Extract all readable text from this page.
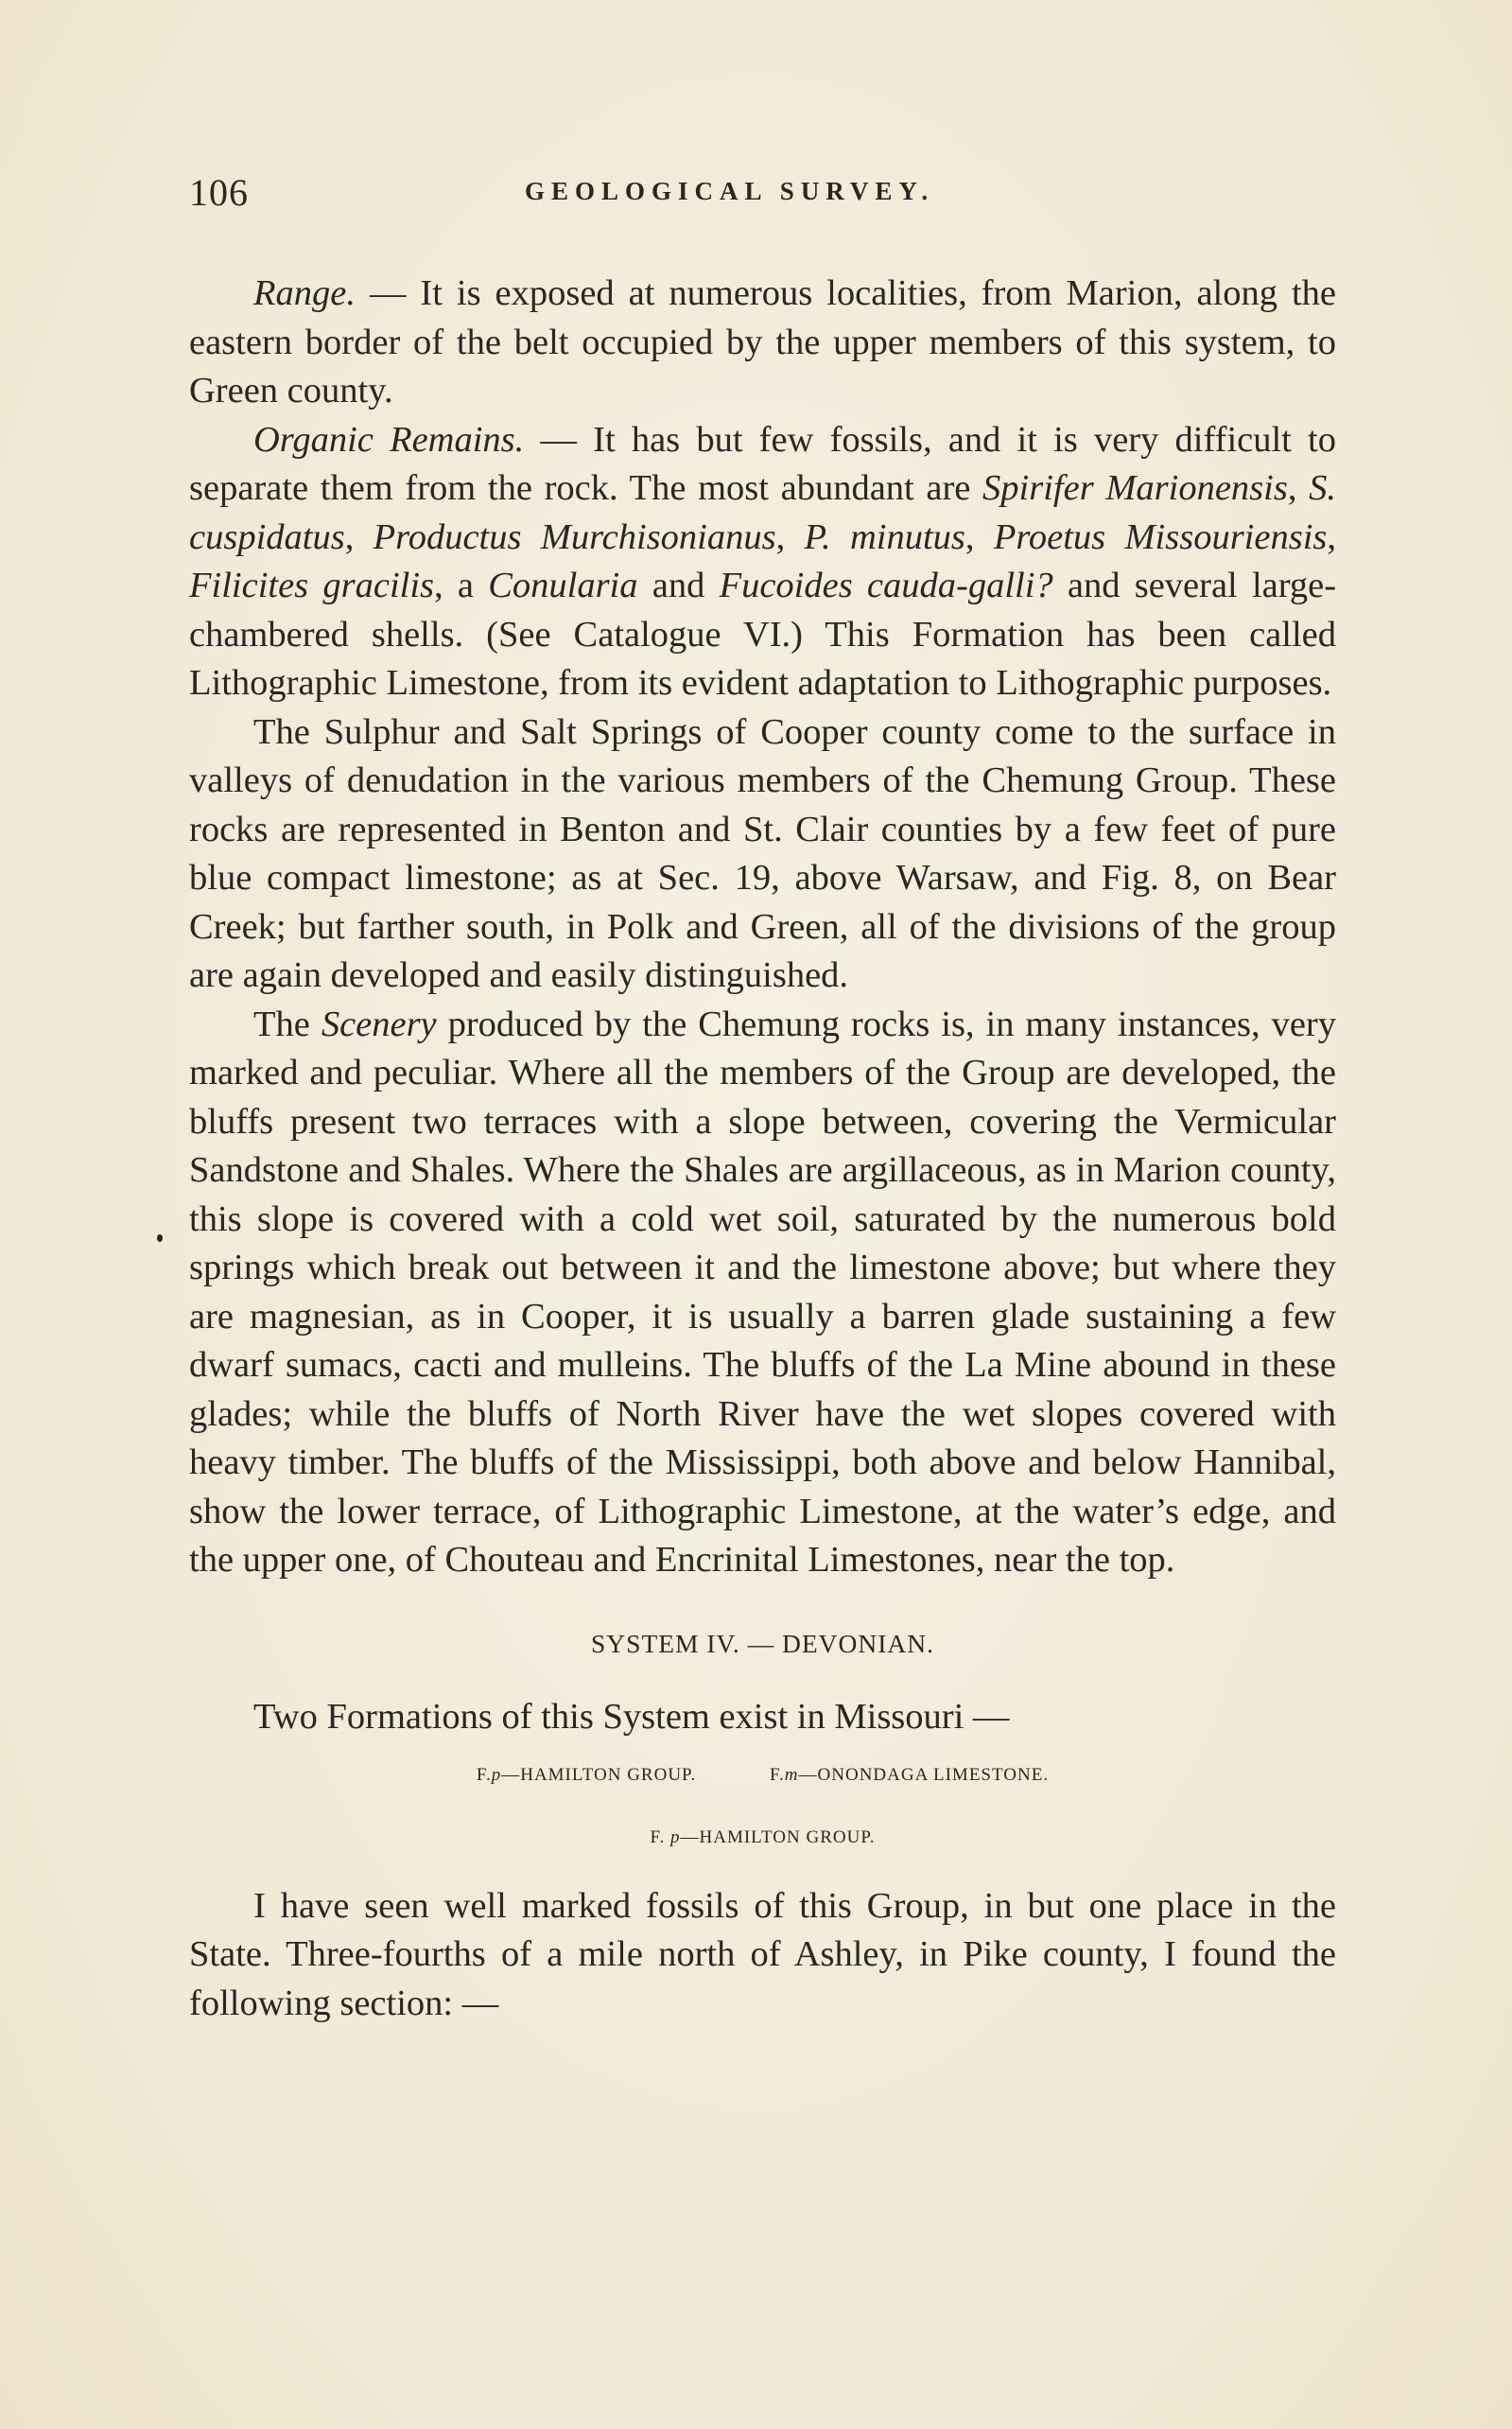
106	GEOLOGICAL SURVEY.

Range. — It is exposed at numerous localities, from Marion, along the eastern border of the belt occupied by the upper members of this system, to Green county.

Organic Remains. — It has but few fossils, and it is very difficult to separate them from the rock. The most abundant are Spirifer Marionensis, S. cuspidatus, Productus Murchisonianus, P. minutus, Proetus Missouriensis, Filicites gracilis, a Conularia and Fucoides cauda-galli? and several large-chambered shells. (See Catalogue VI.) This Formation has been called Lithographic Limestone, from its evident adaptation to Lithographic purposes.

The Sulphur and Salt Springs of Cooper county come to the surface in valleys of denudation in the various members of the Chemung Group. These rocks are represented in Benton and St. Clair counties by a few feet of pure blue compact limestone; as at Sec. 19, above Warsaw, and Fig. 8, on Bear Creek; but farther south, in Polk and Green, all of the divisions of the group are again developed and easily distinguished.

The Scenery produced by the Chemung rocks is, in many instances, very marked and peculiar. Where all the members of the Group are developed, the bluffs present two terraces with a slope between, covering the Vermicular Sandstone and Shales. Where the Shales are argillaceous, as in Marion county, this slope is covered with a cold wet soil, saturated by the numerous bold springs which break out between it and the limestone above; but where they are magnesian, as in Cooper, it is usually a barren glade sustaining a few dwarf sumacs, cacti and mulleins. The bluffs of the La Mine abound in these glades; while the bluffs of North River have the wet slopes covered with heavy timber. The bluffs of the Mississippi, both above and below Hannibal, show the lower terrace, of Lithographic Limestone, at the water’s edge, and the upper one, of Chouteau and Encrinital Limestones, near the top.

SYSTEM IV. — DEVONIAN.

Two Formations of this System exist in Missouri —

F.p—HAMILTON GROUP.	F.m—ONONDAGA LIMESTONE.
F. p—HAMILTON GROUP.

I have seen well marked fossils of this Group, in but one place in the State. Three-fourths of a mile north of Ashley, in Pike county, I found the following section: —
